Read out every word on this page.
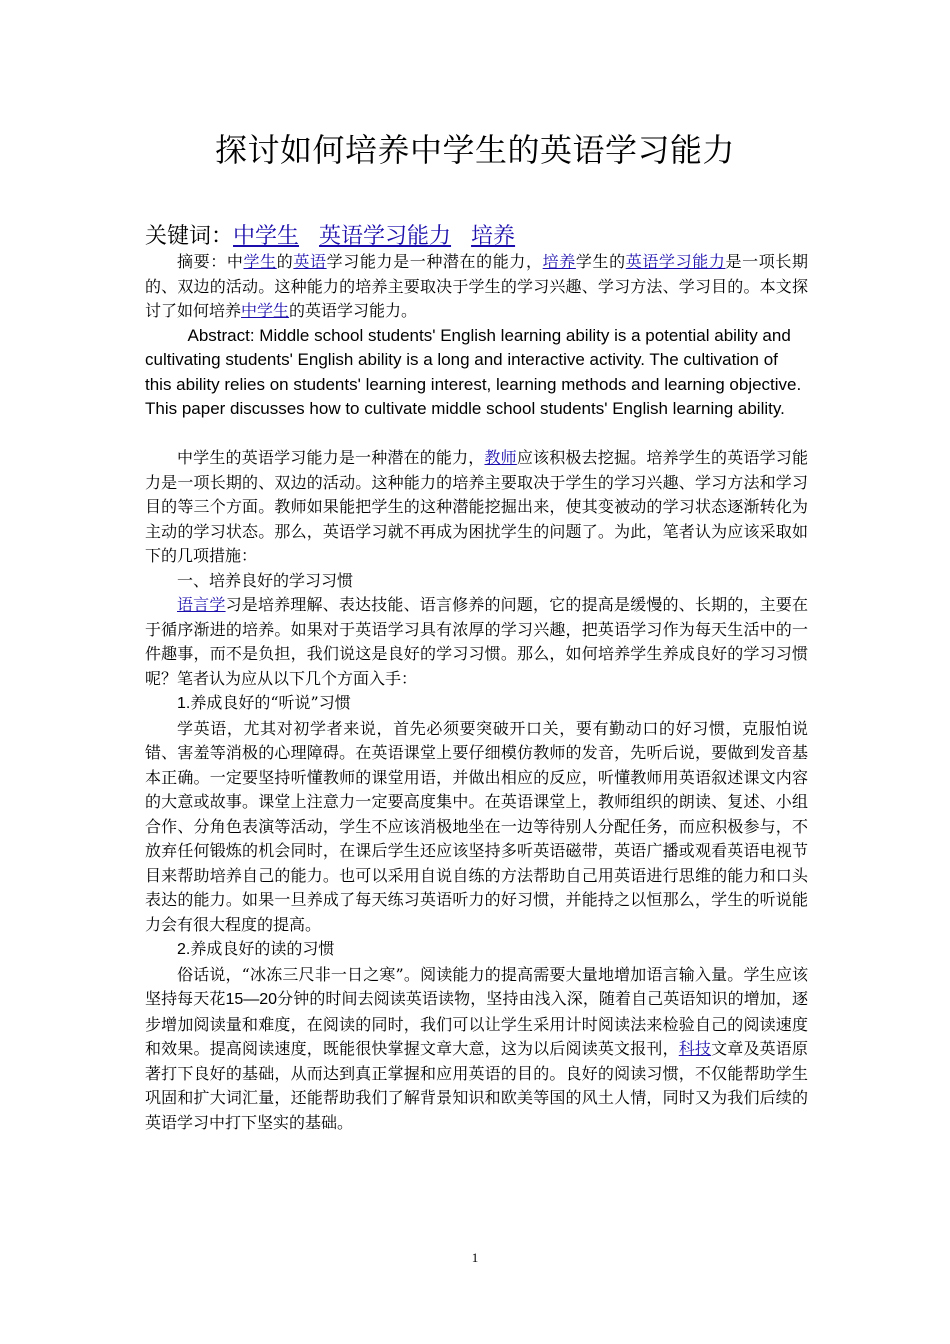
探讨如何培养中学生的英语学习能力
关键词：中学生 英语学习能力 培养

摘要：中学生的英语学习能力是一种潜在的能力，培养学生的英语学习能力是一项长期的、双边的活动。这种能力的培养主要取决于学生的学习兴趣、学习方法、学习目的。本文探讨了如何培养中学生的英语学习能力。

Abstract: Middle school students' English learning ability is a potential ability and cultivating students' English ability is a long and interactive activity. The cultivation of this ability relies on students' learning interest, learning methods and learning objective. This paper discusses how to cultivate middle school students' English learning ability.

中学生的英语学习能力是一种潜在的能力，教师应该积极去挖掘。培养学生的英语学习能力是一项长期的、双边的活动。这种能力的培养主要取决于学生的学习兴趣、学习方法和学习目的等三个方面。教师如果能把学生的这种潜能挖掘出来，使其变被动的学习状态逐渐转化为主动的学习状态。那么，英语学习就不再成为困扰学生的问题了。为此，笔者认为应该采取如下的几项措施：

一、培养良好的学习习惯

语言学习是培养理解、表达技能、语言修养的问题，它的提高是缓慢的、长期的，主要在于循序渐进的培养。如果对于英语学习具有浓厚的学习兴趣，把英语学习作为每天生活中的一件趣事，而不是负担，我们说这是良好的学习习惯。那么，如何培养学生养成良好的学习习惯呢？笔者认为应从以下几个方面入手：

1.养成良好的“听说”习惯

学英语，尤其对初学者来说，首先必须要突破开口关，要有勤动口的好习惯，克服怕说错、害羞等消极的心理障碍。在英语课堂上要仔细模仿教师的发音，先听后说，要做到发音基本正确。一定要坚持听懂教师的课堂用语，并做出相应的反应，听懂教师用英语叙述课文内容的大意或故事。课堂上注意力一定要高度集中。在英语课堂上，教师组织的朗读、复述、小组合作、分角色表演等活动，学生不应该消极地坐在一边等待别人分配任务，而应积极参与，不放弃任何锻炼的机会同时，在课后学生还应该坚持多听英语磁带，英语广播或观看英语电视节目来帮助培养自己的能力。也可以采用自说自练的方法帮助自己用英语进行思维的能力和口头表达的能力。如果一旦养成了每天练习英语听力的好习惯，并能持之以恒那么，学生的听说能力会有很大程度的提高。

2.养成良好的读的习惯

俗话说，“冰冻三尺非一日之寒”。阅读能力的提高需要大量地增加语言输入量。学生应该坚持每天花15—20分钟的时间去阅读英语读物，坚持由浅入深，随着自己英语知识的增加，逐步增加阅读量和难度，在阅读的同时，我们可以让学生采用计时阅读法来检验自己的阅读速度和效果。提高阅读速度，既能很快掌握文章大意，这为以后阅读英文报刊，科技文章及英语原著打下良好的基础，从而达到真正掌握和应用英语的目的。良好的阅读习惯，不仅能帮助学生巩固和扩大词汇量，还能帮助我们了解背景知识和欧美等国的风土人情，同时又为我们后续的英语学习中打下坚实的基础。

1
